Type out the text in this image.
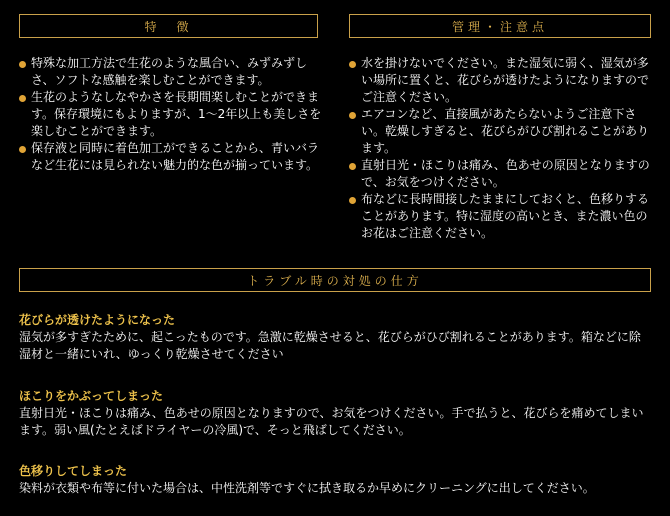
特　徴

特殊な加工方法で生花のような風合い、みずみずしさ、ソフトな感触を楽しむことができます。

生花のようなしなやかさを長期間楽しむことができます。保存環境にもよりますが、1〜2年以上も美しさを楽しむことができます。

保存液と同時に着色加工ができることから、青いバラなど生花には見られない魅力的な色が揃っています。

管理・注意点

水を掛けないでください。また湿気に弱く、湿気が多い場所に置くと、花びらが透けたようになりますのでご注意ください。

エアコンなど、直接風があたらないようご注意下さい。乾燥しすぎると、花びらがひび割れることがあります。

直射日光・ほこりは痛み、色あせの原因となりますので、お気をつけください。

布などに長時間接したままにしておくと、色移りすることがあります。特に湿度の高いとき、また濃い色のお花はご注意ください。

トラブル時の対処の仕方

花びらが透けたようになった

湿気が多すぎたために、起こったものです。急激に乾燥させると、花びらがひび割れることがあります。箱などに除湿材と一緒にいれ、ゆっくり乾燥させてください

ほこりをかぶってしまった

直射日光・ほこりは痛み、色あせの原因となりますので、お気をつけください。手で払うと、花びらを痛めてしまいます。弱い風(たとえばドライヤーの冷風)で、そっと飛ばしてください。

色移りしてしまった

染料が衣類や布等に付いた場合は、中性洗剤等ですぐに拭き取るか早めにクリーニングに出してください。
